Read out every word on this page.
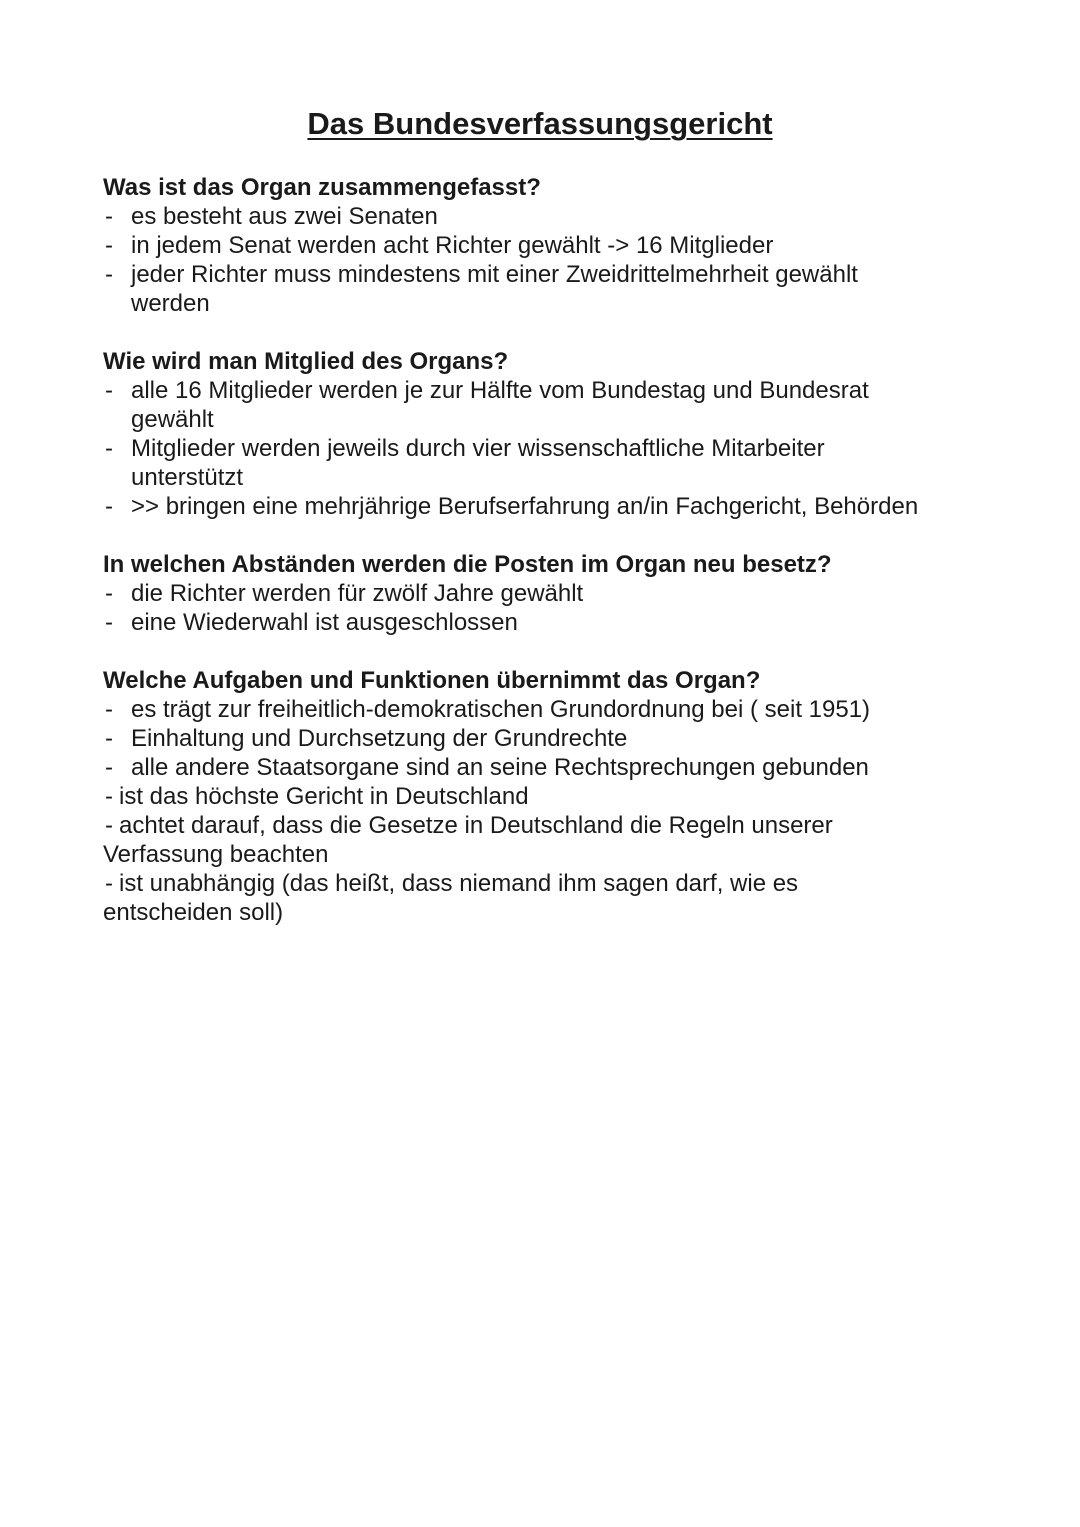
Das Bundesverfassungsgericht
Was ist das Organ zusammengefasst?
- es besteht aus zwei Senaten
- in jedem Senat werden acht Richter gewählt -> 16 Mitglieder
- jeder Richter muss mindestens mit einer Zweidrittelmehrheit gewählt werden
Wie wird man Mitglied des Organs?
- alle 16 Mitglieder werden je zur Hälfte vom Bundestag und Bundesrat gewählt
- Mitglieder werden jeweils durch vier wissenschaftliche Mitarbeiter unterstützt
- >> bringen eine mehrjährige Berufserfahrung an/in Fachgericht, Behörden
In welchen Abständen werden die Posten im Organ neu besetz?
- die Richter werden für zwölf Jahre gewählt
- eine Wiederwahl ist ausgeschlossen
Welche Aufgaben und Funktionen übernimmt das Organ?
- es trägt zur freiheitlich-demokratischen Grundordnung bei ( seit 1951)
- Einhaltung und Durchsetzung der Grundrechte
- alle andere Staatsorgane sind an seine Rechtsprechungen gebunden
- ist das höchste Gericht in Deutschland
- achtet darauf, dass die Gesetze in Deutschland die Regeln unserer Verfassung beachten
- ist unabhängig (das heißt, dass niemand ihm sagen darf, wie es entscheiden soll)
